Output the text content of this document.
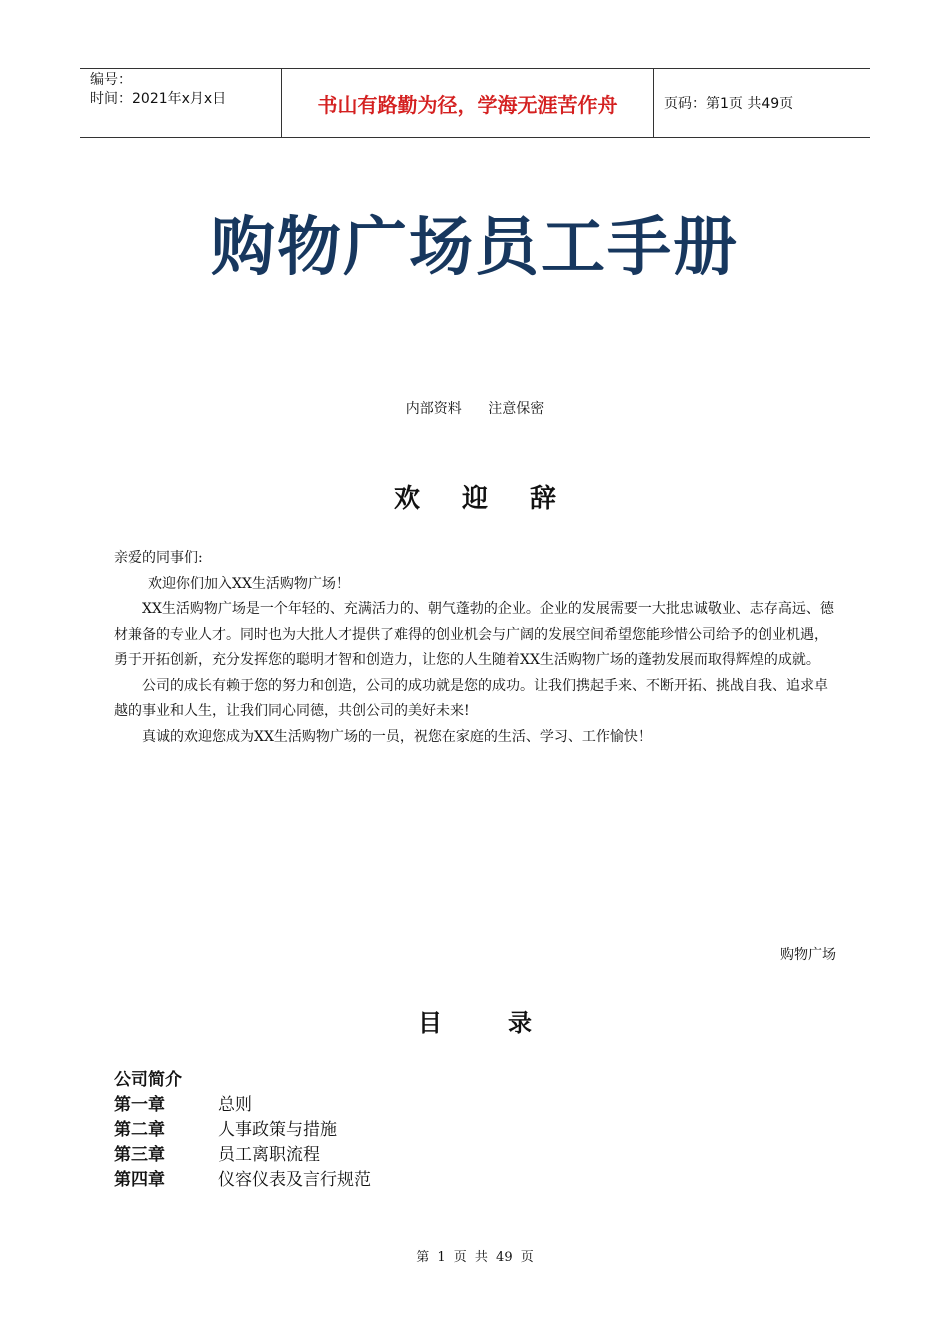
编号：
时间：2021年x月x日	书山有路勤为径，学海无涯苦作舟	页码：第1页 共49页
购物广场员工手册
内部资料 注意保密
欢迎辞

亲爱的同事们:

欢迎你们加入XX生活购物广场！

XX生活购物广场是一个年轻的、充满活力的、朝气蓬勃的企业。企业的发展需要一大批忠诚敬业、志存高远、德材兼备的专业人才。同时也为大批人才提供了难得的创业机会与广阔的发展空间希望您能珍惜公司给予的创业机遇，勇于开拓创新，充分发挥您的聪明才智和创造力，让您的人生随着XX生活购物广场的蓬勃发展而取得辉煌的成就。

公司的成长有赖于您的努力和创造，公司的成功就是您的成功。让我们携起手来、不断开拓、挑战自我、追求卓越的事业和人生，让我们同心同德，共创公司的美好未来!

真诚的欢迎您成为XX生活购物广场的一员，祝您在家庭的生活、学习、工作愉快！

购物广场
目录
公司简介
第一章	总则
第二章	人事政策与措施
第三章	员工离职流程
第四章	仪容仪表及言行规范
第 1 页 共 49 页
